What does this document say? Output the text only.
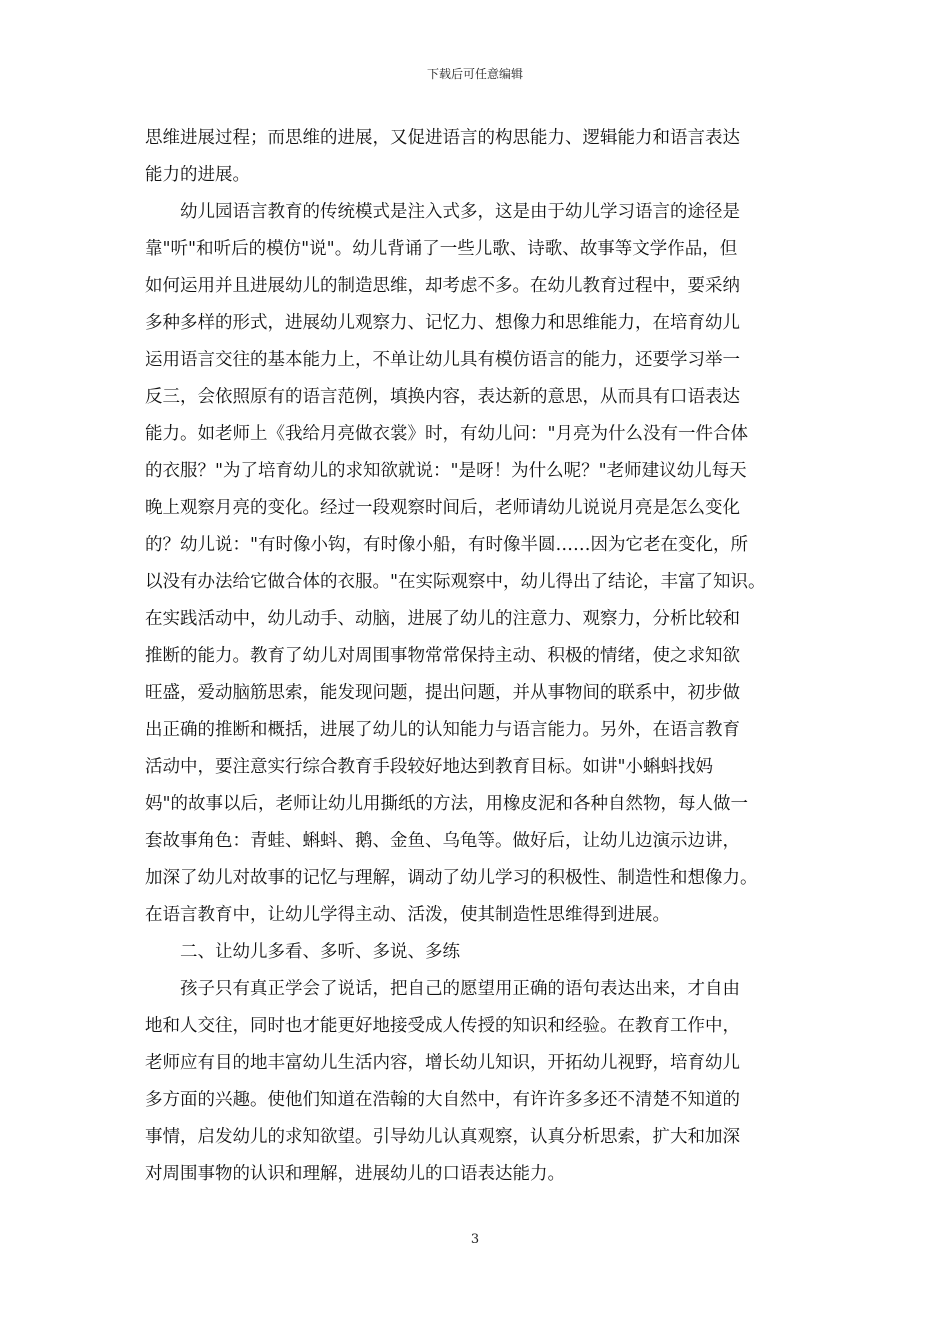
下载后可任意编辑
思维进展过程；而思维的进展，又促进语言的构思能力、逻辑能力和语言表达
能力的进展。
　　幼儿园语言教育的传统模式是注入式多，这是由于幼儿学习语言的途径是
靠"听"和听后的模仿"说"。幼儿背诵了一些儿歌、诗歌、故事等文学作品，但
如何运用并且进展幼儿的制造思维，却考虑不多。在幼儿教育过程中，要采纳
多种多样的形式，进展幼儿观察力、记忆力、想像力和思维能力，在培育幼儿
运用语言交往的基本能力上，不单让幼儿具有模仿语言的能力，还要学习举一
反三，会依照原有的语言范例，填换内容，表达新的意思，从而具有口语表达
能力。如老师上《我给月亮做衣裳》时，有幼儿问："月亮为什么没有一件合体
的衣服？"为了培育幼儿的求知欲就说："是呀！为什么呢？"老师建议幼儿每天
晚上观察月亮的变化。经过一段观察时间后，老师请幼儿说说月亮是怎么变化
的？幼儿说："有时像小钩，有时像小船，有时像半圆……因为它老在变化，所
以没有办法给它做合体的衣服。"在实际观察中，幼儿得出了结论，丰富了知识。
在实践活动中，幼儿动手、动脑，进展了幼儿的注意力、观察力，分析比较和
推断的能力。教育了幼儿对周围事物常常保持主动、积极的情绪，使之求知欲
旺盛，爱动脑筋思索，能发现问题，提出问题，并从事物间的联系中，初步做
出正确的推断和概括，进展了幼儿的认知能力与语言能力。另外，在语言教育
活动中，要注意实行综合教育手段较好地达到教育目标。如讲"小蝌蚪找妈
妈"的故事以后，老师让幼儿用撕纸的方法，用橡皮泥和各种自然物，每人做一
套故事角色：青蛙、蝌蚪、鹅、金鱼、乌龟等。做好后，让幼儿边演示边讲，
加深了幼儿对故事的记忆与理解，调动了幼儿学习的积极性、制造性和想像力。
在语言教育中，让幼儿学得主动、活泼，使其制造性思维得到进展。
　　二、让幼儿多看、多听、多说、多练
　　孩子只有真正学会了说话，把自己的愿望用正确的语句表达出来，才自由
地和人交往，同时也才能更好地接受成人传授的知识和经验。在教育工作中，
老师应有目的地丰富幼儿生活内容，增长幼儿知识，开拓幼儿视野，培育幼儿
多方面的兴趣。使他们知道在浩翰的大自然中，有许许多多还不清楚不知道的
事情，启发幼儿的求知欲望。引导幼儿认真观察，认真分析思索，扩大和加深
对周围事物的认识和理解，进展幼儿的口语表达能力。
3
